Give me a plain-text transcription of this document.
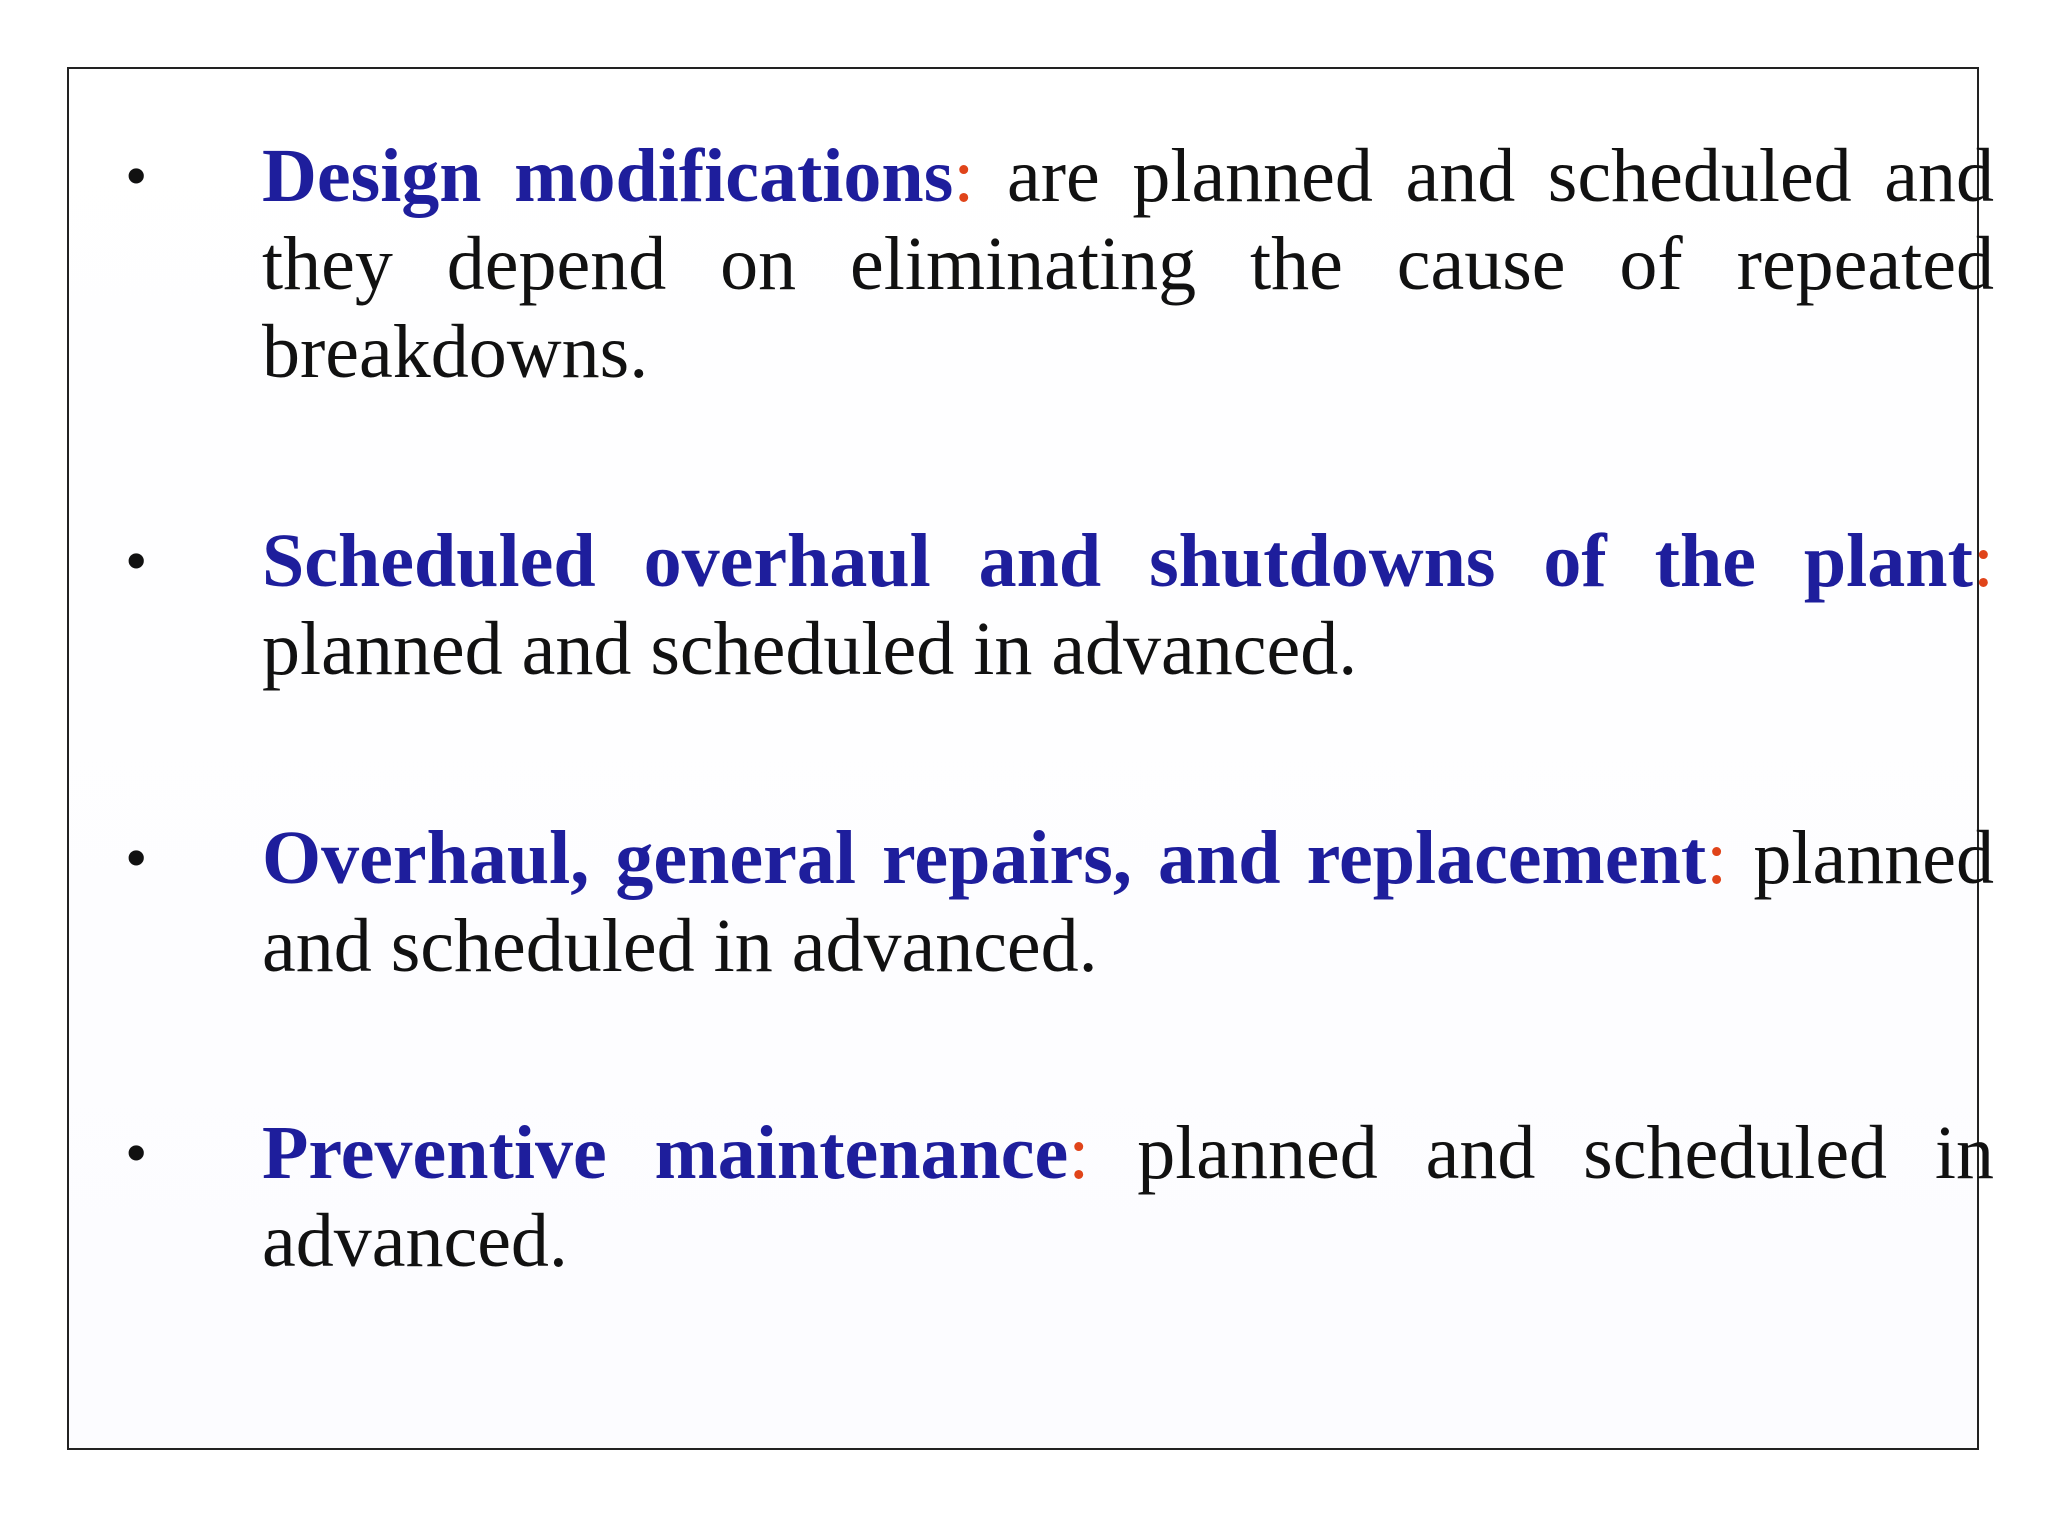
• Design modifications: are planned and scheduled and they depend on eliminating the cause of repeated breakdowns.
• Scheduled overhaul and shutdowns of the plant: planned and scheduled in advanced.
• Overhaul, general repairs, and replacement: planned and scheduled in advanced.
• Preventive maintenance: planned and scheduled in advanced.
